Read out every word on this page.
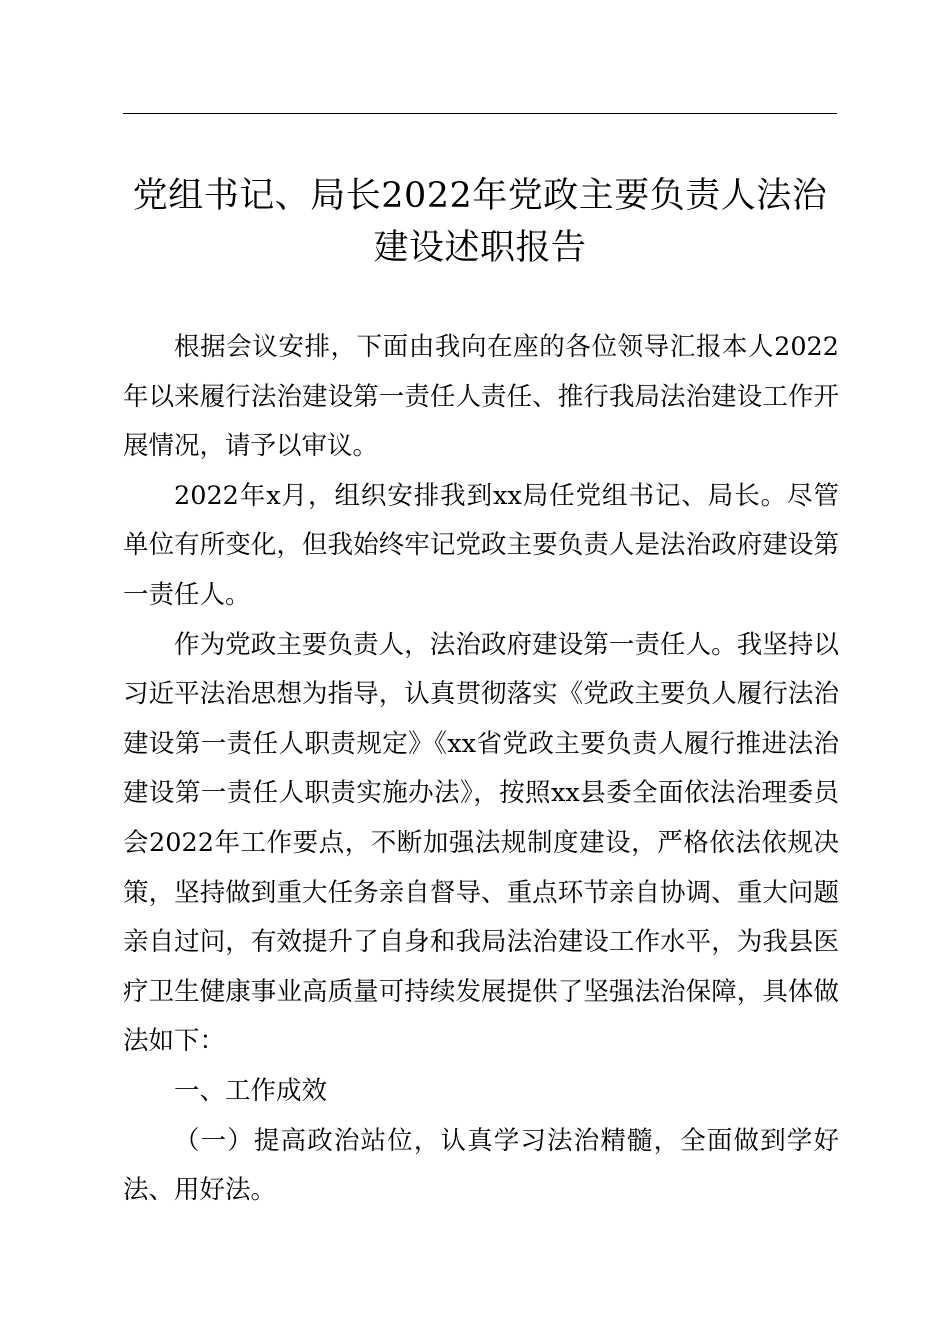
党组书记、局长2022年党政主要负责人法治建设述职报告

根据会议安排，下面由我向在座的各位领导汇报本人2022年以来履行法治建设第一责任人责任、推行我局法治建设工作开展情况，请予以审议。

2022年x月，组织安排我到xx局任党组书记、局长。尽管单位有所变化，但我始终牢记党政主要负责人是法治政府建设第一责任人。

作为党政主要负责人，法治政府建设第一责任人。我坚持以习近平法治思想为指导，认真贯彻落实《党政主要负人履行法治建设第一责任人职责规定》《xx省党政主要负责人履行推进法治建设第一责任人职责实施办法》，按照xx县委全面依法治理委员会2022年工作要点，不断加强法规制度建设，严格依法依规决策，坚持做到重大任务亲自督导、重点环节亲自协调、重大问题亲自过问，有效提升了自身和我局法治建设工作水平，为我县医疗卫生健康事业高质量可持续发展提供了坚强法治保障，具体做法如下：

一、工作成效

（一）提高政治站位，认真学习法治精髓，全面做到学好法、用好法。
